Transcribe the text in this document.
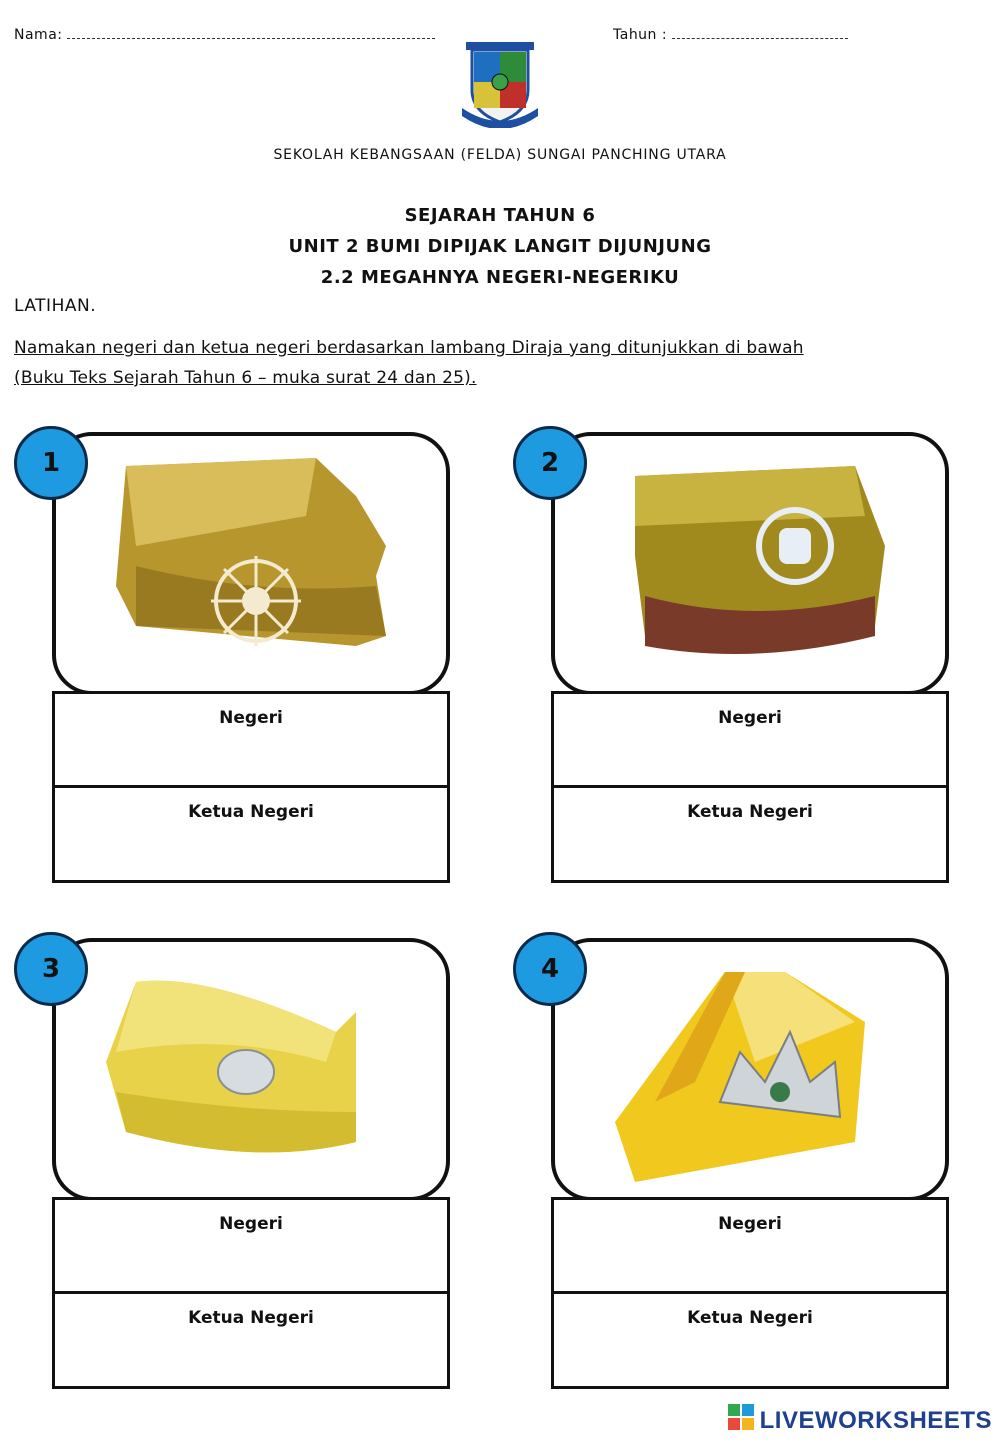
Nama:	Tahun :
SEKOLAH KEBANGSAAN (FELDA) SUNGAI PANCHING UTARA
SEJARAH TAHUN 6
UNIT 2 BUMI DIPIJAK LANGIT DIJUNJUNG
2.2 MEGAHNYA NEGERI-NEGERIKU
LATIHAN.
Namakan negeri dan ketua negeri berdasarkan lambang Diraja yang ditunjukkan di bawah
(Buku Teks Sejarah Tahun 6 – muka surat 24 dan 25).
1
Negeri
Ketua Negeri
2
Negeri
Ketua Negeri
3
Negeri
Ketua Negeri
4
Negeri
Ketua Negeri
LIVEWORKSHEETS
